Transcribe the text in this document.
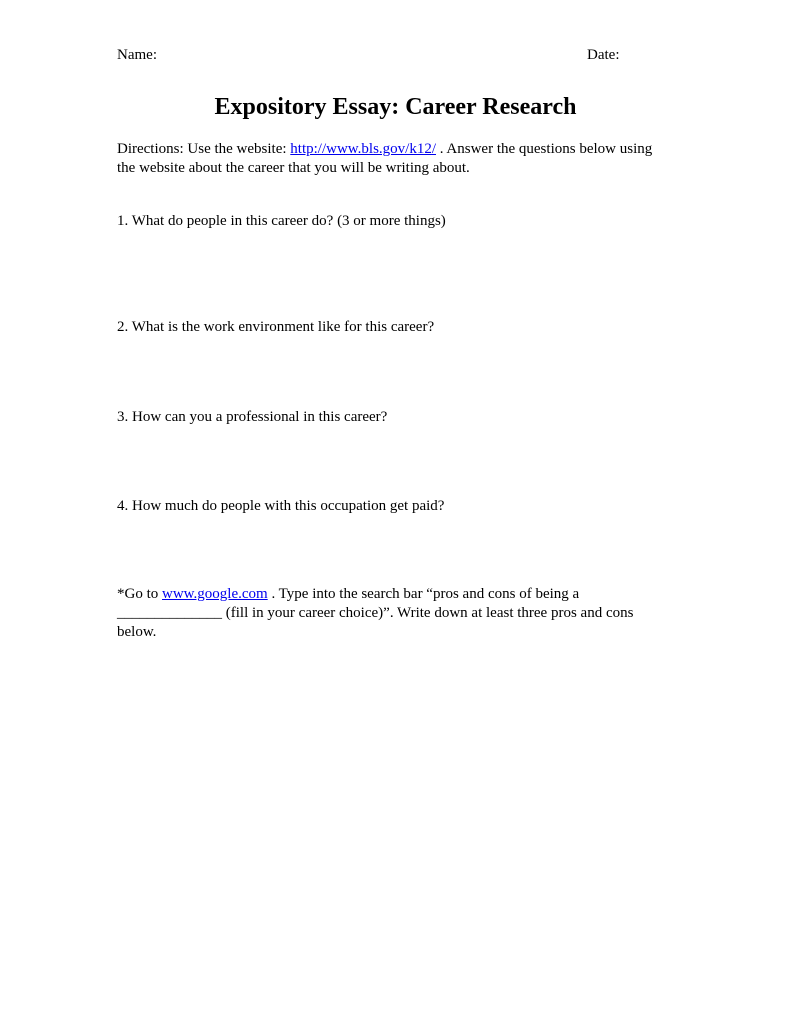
Name:	Date:
Expository Essay: Career Research
Directions: Use the website: http://www.bls.gov/k12/ . Answer the questions below using
the website about the career that you will be writing about.
1. What do people in this career do? (3 or more things)
2. What is the work environment like for this career?
3. How can you a professional in this career?
4. How much do people with this occupation get paid?
*Go to www.google.com . Type into the search bar “pros and cons of being a
______________ (fill in your career choice)”. Write down at least three pros and cons
below.
